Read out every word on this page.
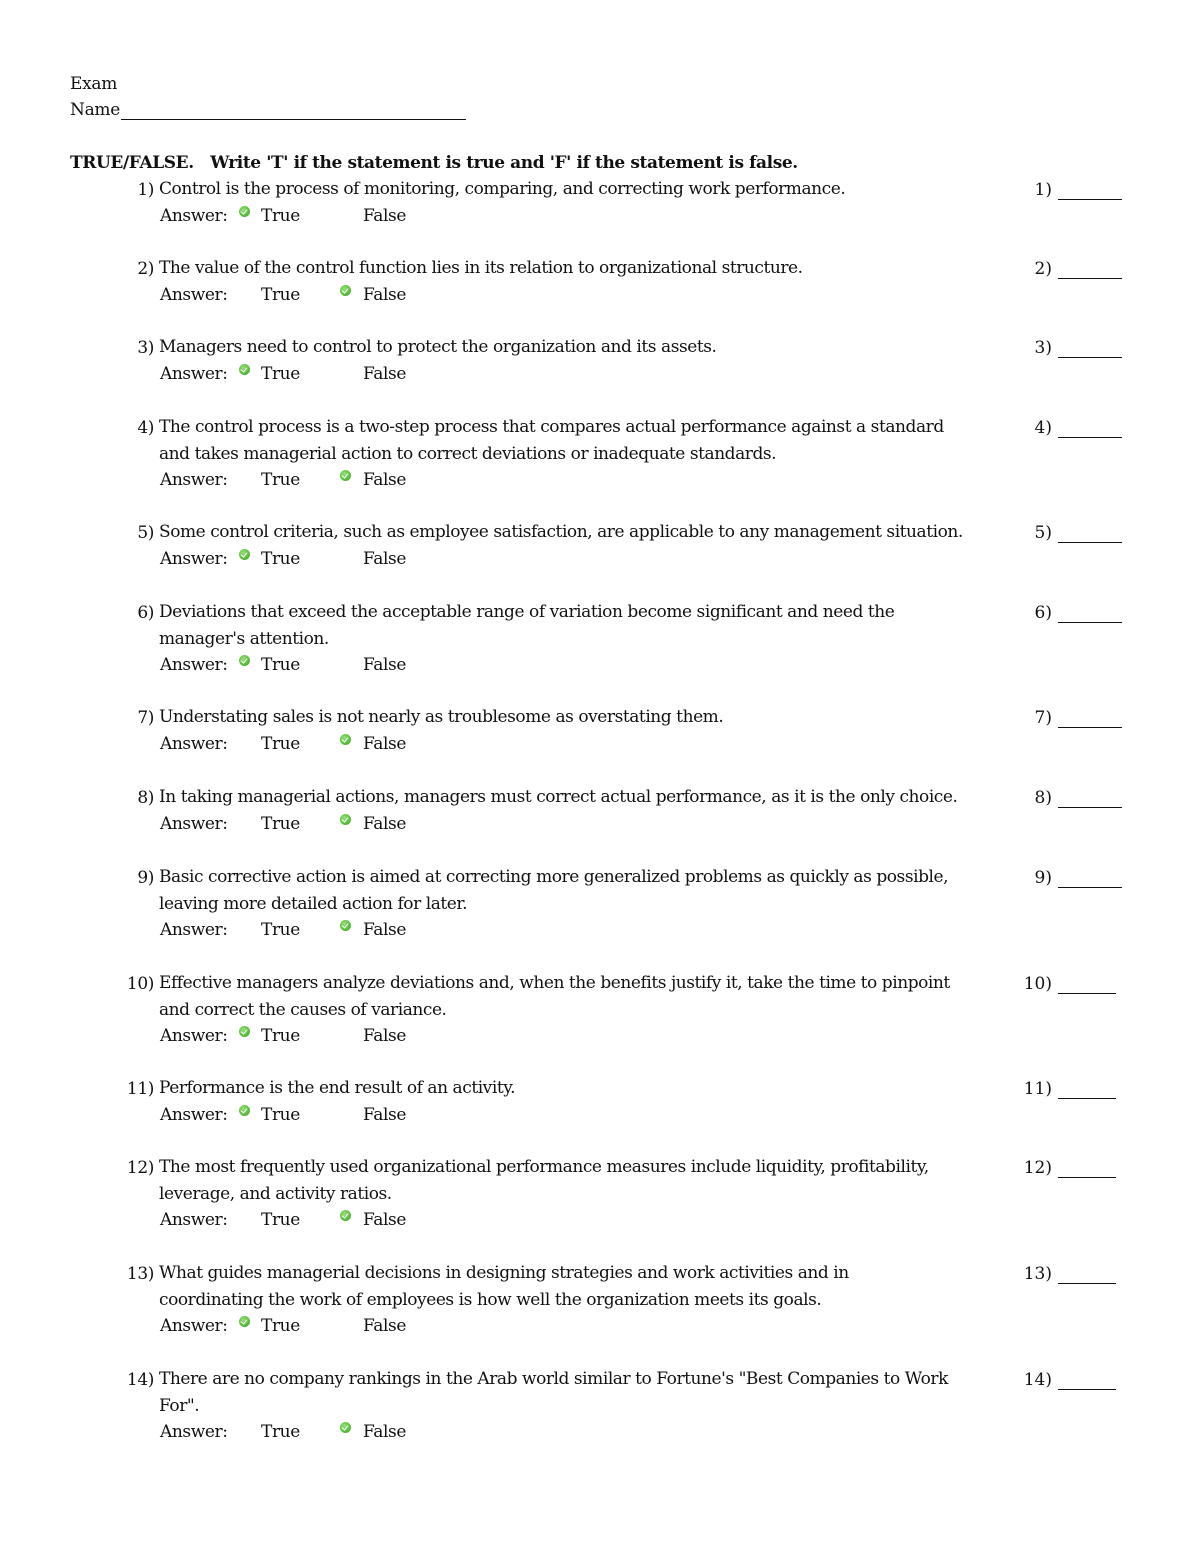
Exam
Name
TRUE/FALSE.   Write 'T' if the statement is true and 'F' if the statement is false.
1) Control is the process of monitoring, comparing, and correcting work performance.	1)
Answer: True	False
2) The value of the control function lies in its relation to organizational structure.	2)
Answer: True	False
3) Managers need to control to protect the organization and its assets.	3)
Answer: True	False
4) The control process is a two-step process that compares actual performance against a standard
and takes managerial action to correct deviations or inadequate standards.
4)
Answer: True	False
5) Some control criteria, such as employee satisfaction, are applicable to any management situation.	5)
Answer: True	False
6) Deviations that exceed the acceptable range of variation become significant and need the
manager's attention.
6)
Answer: True	False
7) Understating sales is not nearly as troublesome as overstating them.	7)
Answer: True	False
8) In taking managerial actions, managers must correct actual performance, as it is the only choice.	8)
Answer: True	False
9) Basic corrective action is aimed at correcting more generalized problems as quickly as possible,
leaving more detailed action for later.
9)
Answer: True	False
10) Effective managers analyze deviations and, when the benefits justify it, take the time to pinpoint
and correct the causes of variance.
10)
Answer: True	False
11) Performance is the end result of an activity.	11)
Answer: True	False
12) The most frequently used organizational performance measures include liquidity, profitability,
leverage, and activity ratios.
12)
Answer: True	False
13) What guides managerial decisions in designing strategies and work activities and in
coordinating the work of employees is how well the organization meets its goals.
13)
Answer: True	False
14) There are no company rankings in the Arab world similar to Fortune's "Best Companies to Work
For".
14)
Answer: True	False
